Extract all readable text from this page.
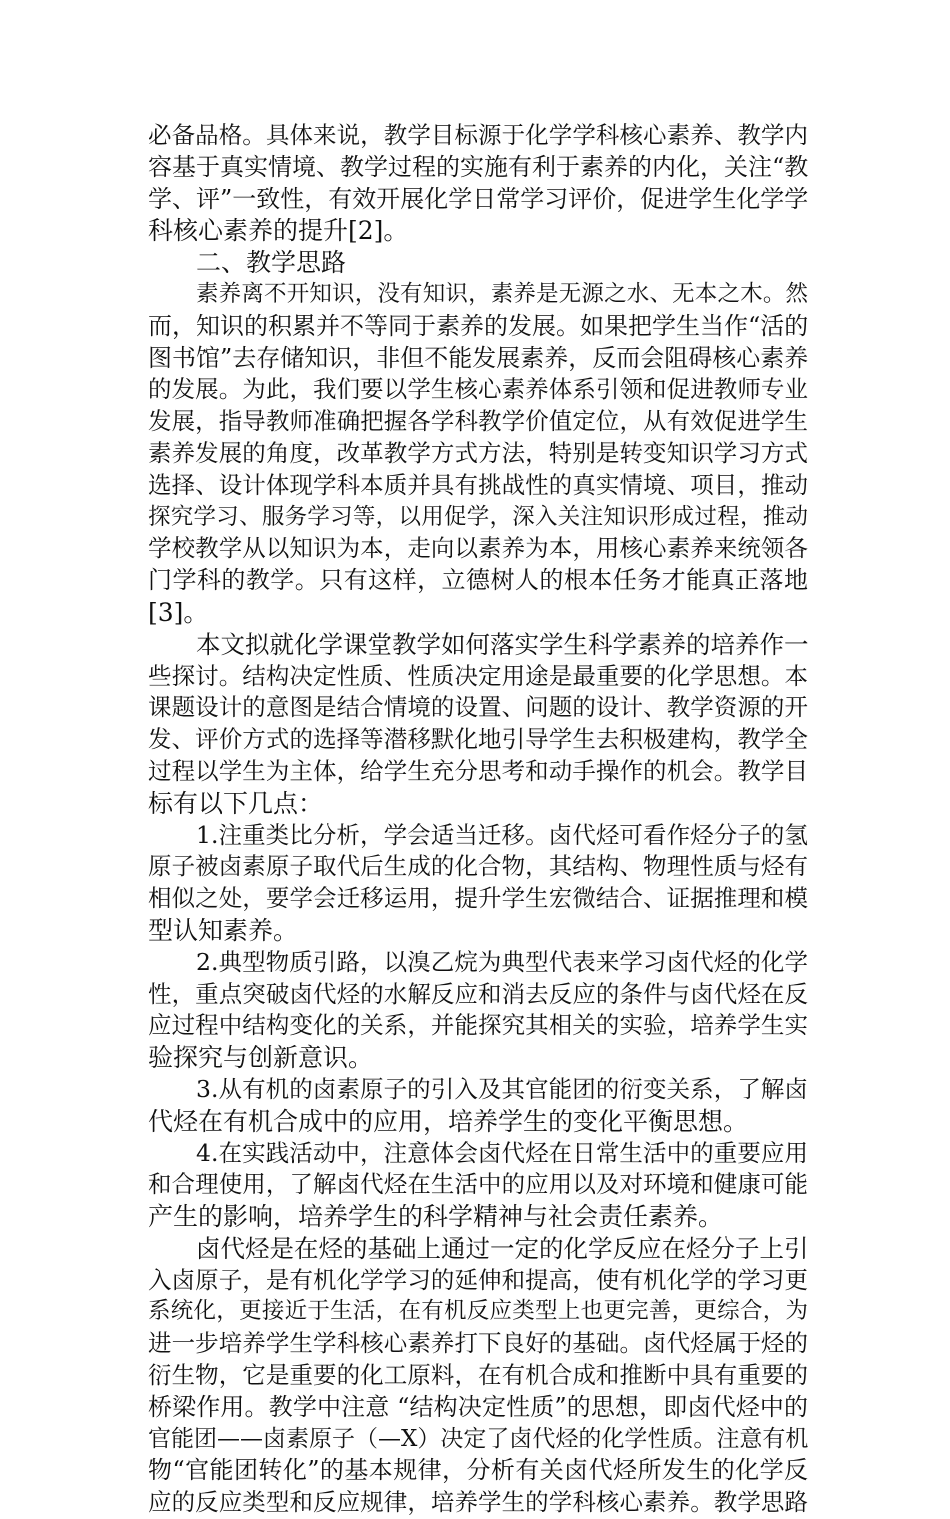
必备品格。具体来说，教学目标源于化学学科核心素养、教学内
容基于真实情境、教学过程的实施有利于素养的内化，关注“教
学、评”一致性，有效开展化学日常学习评价，促进学生化学学
科核心素养的提升[2]。
二、教学思路
素养离不开知识，没有知识，素养是无源之水、无本之木。然
而，知识的积累并不等同于素养的发展。如果把学生当作“活的
图书馆”去存储知识，非但不能发展素养，反而会阻碍核心素养
的发展。为此，我们要以学生核心素养体系引领和促进教师专业
发展，指导教师准确把握各学科教学价值定位，从有效促进学生
素养发展的角度，改革教学方式方法，特别是转变知识学习方式
选择、设计体现学科本质并具有挑战性的真实情境、项目，推动
探究学习、服务学习等，以用促学，深入关注知识形成过程，推动
学校教学从以知识为本，走向以素养为本，用核心素养来统领各
门学科的教学。只有这样，立德树人的根本任务才能真正落地
[3]。
本文拟就化学课堂教学如何落实学生科学素养的培养作一
些探讨。结构决定性质、性质决定用途是最重要的化学思想。本
课题设计的意图是结合情境的设置、问题的设计、教学资源的开
发、评价方式的选择等潜移默化地引导学生去积极建构，教学全
过程以学生为主体，给学生充分思考和动手操作的机会。教学目
标有以下几点：
1.注重类比分析，学会适当迁移。卤代烃可看作烃分子的氢
原子被卤素原子取代后生成的化合物，其结构、物理性质与烃有
相似之处，要学会迁移运用，提升学生宏微结合、证据推理和模
型认知素养。
2.典型物质引路，以溴乙烷为典型代表来学习卤代烃的化学
性，重点突破卤代烃的水解反应和消去反应的条件与卤代烃在反
应过程中结构变化的关系，并能探究其相关的实验，培养学生实
验探究与创新意识。
3.从有机的卤素原子的引入及其官能团的衍变关系，了解卤
代烃在有机合成中的应用，培养学生的变化平衡思想。
4.在实践活动中，注意体会卤代烃在日常生活中的重要应用
和合理使用，了解卤代烃在生活中的应用以及对环境和健康可能
产生的影响，培养学生的科学精神与社会责任素养。
卤代烃是在烃的基础上通过一定的化学反应在烃分子上引
入卤原子，是有机化学学习的延伸和提高，使有机化学的学习更
系统化，更接近于生活，在有机反应类型上也更完善，更综合，为
进一步培养学生学科核心素养打下良好的基础。卤代烃属于烃的
衍生物，它是重要的化工原料，在有机合成和推断中具有重要的
桥梁作用。教学中注意 “结构决定性质”的思想，即卤代烃中的
官能团——卤素原子（—X）决定了卤代烃的化学性质。注意有机
物“官能团转化”的基本规律，分析有关卤代烃所发生的化学反
应的反应类型和反应规律，培养学生的学科核心素养。教学思路
